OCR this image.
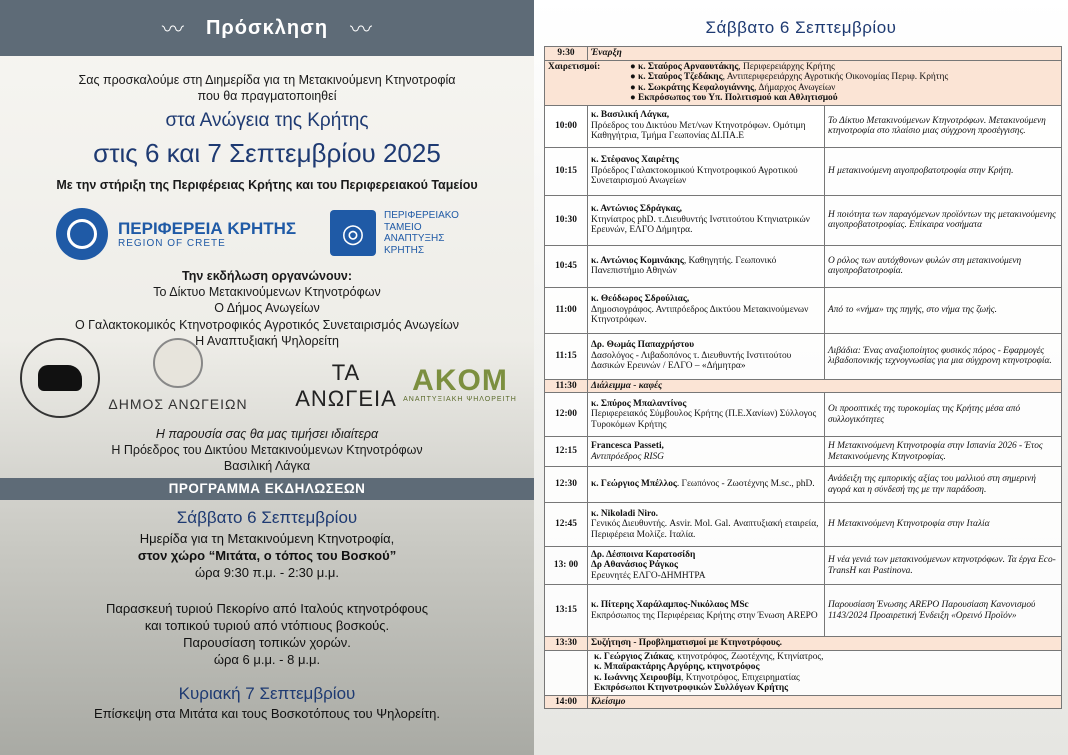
〰 Πρόσκληση 〰
Σας προσκαλούμε στη Διημερίδα για τη Μετακινούμενη Κτηνοτροφία
που θα πραγματοποιηθεί
στα Ανώγεια της Κρήτης
στις 6 και 7 Σεπτεμβρίου 2025
Με την στήριξη της Περιφέρειας Κρήτης και του Περιφερειακού Ταμείου
ΠΕΡΙΦΕΡΕΙΑ ΚΡΗΤΗΣ
REGION OF CRETE	◎
ΠΕΡΙΦΕΡΕΙΑΚΟ
ΤΑΜΕΙΟ
ΑΝΑΠΤΥΞΗΣ
ΚΡΗΤΗΣ
Την εκδήλωση οργανώνουν:
Το Δίκτυο Μετακινούμενων Κτηνοτρόφων
Ο Δήμος Ανωγείων
Ο Γαλακτοκομικός Κτηνοτροφικός Αγροτικός Συνεταιρισμός Ανωγείων
Η Αναπτυξιακή Ψηλορείτη
ΔΗΜΟΣ ΑΝΩΓΕΙΩΝ
ΤΑ ΑΝΩΓΕΙΑ
AKOM
ΑΝΑΠΤΥΞΙΑΚΗ ΨΗΛΟΡΕΙΤΗ
Η παρουσία σας θα μας τιμήσει ιδιαίτερα
Η Πρόεδρος του Δικτύου Μετακινούμενων Κτηνοτρόφων
Βασιλική Λάγκα
ΠΡΟΓΡΑΜΜΑ ΕΚΔΗΛΩΣΕΩΝ
Σάββατο 6 Σεπτεμβρίου
Ημερίδα για τη Μετακινούμενη Κτηνοτροφία,
στον χώρο “Μιτάτα, ο τόπος του Βοσκού”
ώρα 9:30 π.μ. - 2:30 μ.μ.
Παρασκευή τυριού Πεκορίνο από Ιταλούς κτηνοτρόφους
και τοπικού τυριού από ντόπιους βοσκούς.
Παρουσίαση τοπικών χορών.
ώρα 6 μ.μ. - 8 μ.μ.
Κυριακή 7 Σεπτεμβρίου
Επίσκεψη στα Μιτάτα και τους Βοσκοτόπους του Ψηλορείτη.
Σάββατο 6 Σεπτεμβρίου
9:30	Έναρξη	

Χαιρετισμοί: ● κ. Σταύρος Αρναουτάκης, Περιφερειάρχης Κρήτης
● κ. Σταύρος Τζεδάκης, Αντιπεριφερειάρχης Αγροτικής Οικονομίας Περιφ. Κρήτης
● κ. Σωκράτης Κεφαλογιάννης, Δήμαρχος Ανωγείων
● Εκπρόσωπος του Υπ. Πολιτισμού και Αθλητισμού		

10:00	κ. Βασιλική Λάγκα,
Πρόεδρος του Δικτύου Μετ/νων Κτηνοτρόφων. Ομότιμη Καθηγήτρια, Τμήμα Γεωπονίας ΔΙ.ΠΑ.Ε	Το Δίκτυο Μετακινούμενων Κτηνοτρόφων. Μετακινούμενη κτηνοτροφία στο πλαίσιο μιας σύγχρονη προσέγγισης.
10:15	κ. Στέφανος Χαιρέτης
Πρόεδρος Γαλακτοκομικού Κτηνοτροφικού Αγροτικού Συνεταιρισμού Ανωγείων	Η μετακινούμενη αιγοπροβατοτροφία στην Κρήτη.
10:30	κ. Αντώνιος Σδράγκας,
Κτηνίατρος phD. τ.Διευθυντής Ινστιτούτου Κτηνιατρικών Ερευνών, ΕΛΓΟ Δήμητρα.	Η ποιότητα των παραγόμενων προϊόντων της μετακινούμενης αιγοπροβατοτροφίας. Επίκαιρα νοσήματα
10:45	κ. Αντώνιος Κομινάκης, Καθηγητής. Γεωπονικό Πανεπιστήμιο Αθηνών	Ο ρόλος των αυτόχθονων φυλών στη μετακινούμενη αιγοπροβατοτροφία.
11:00	κ. Θεόδωρος Σδρούλιας,
Δημοσιογράφος. Αντιπρόεδρος Δικτύου Μετακινούμενων Κτηνοτρόφων.	Από το «νήμα» της πηγής, στο νήμα της ζωής.
11:15	Δρ. Θωμάς Παπαχρήστου
Δασολόγος - Λιβαδοπόνος τ. Διευθυντής Ινστιτούτου Δασικών Ερευνών / ΕΛΓΟ – «Δήμητρα»	Λιβάδια: Ένας αναξιοποίητος φυσικός πόρος - Εφαρμογές λιβαδοπονικής τεχνογνωσίας για μια σύγχρονη κτηνοτροφία.
11:30	Διάλειμμα - καφές	
12:00	κ. Σπύρος Μπαλαντίνος
Περιφερειακός Σύμβουλος Κρήτης (Π.Ε.Χανίων) Σύλλογος Τυροκόμων Κρήτης	Οι προοπτικές της τυροκομίας της Κρήτης μέσα από συλλογικότητες
12:15	Francesca Passeti,
Αντιπρόεδρος RISG	Η Μετακινούμενη Κτηνοτροφία στην Ισπανία 2026 - Έτος Μετακινούμενης Κτηνοτροφίας.
12:30	κ. Γεώργιος Μπέλλος. Γεωπόνος - Ζωοτέχνης M.sc., phD.	Ανάδειξη της εμπορικής αξίας του μαλλιού στη σημερινή αγορά και η σύνδεσή της με την παράδοση.
12:45	κ. Nikoladi Niro.
Γενικός Διευθυντής. Asvir. Mol. Gal. Αναπτυξιακή εταιρεία, Περιφέρεια Μολίζε. Ιταλία.	Η Μετακινούμενη Κτηνοτροφία στην Ιταλία
13: 00	Δρ. Δέσποινα Καρατοσίδη
Δρ Αθανάσιος Ράγκος
Ερευνητές ΕΛΓΟ-ΔΗΜΗΤΡΑ	Η νέα γενιά των μετακινούμενων κτηνοτρόφων. Τα έργα Eco-TransH και Pastinova.
13:15	κ. Πίτερης Χαράλαμπος-Νικόλαος MSc
Εκπρόσωπος της Περιφέρειας Κρήτης στην Ένωση AREPO	Παρουσίαση Ένωσης AREPO Παρουσίαση Κανονισμού 1143/2024 Προαιρετική Ένδειξη «Ορεινό Προϊόν»
13:30	Συζήτηση - Προβληματισμοί με Κτηνοτρόφους.	

	κ. Γεώργιος Ζιάκας, κτηνοτρόφος, Ζωοτέχνης, Κτηνίατρος,
κ. Μπαϊρακτάρης Αργύρης, κτηνοτρόφος
κ. Ιωάννης Χειρουβίμ, Κτηνοτρόφος, Επιχειρηματίας
Εκπρόσωποι Κτηνοτροφικών Συλλόγων Κρήτης	

14:00	Κλείσιμο	
